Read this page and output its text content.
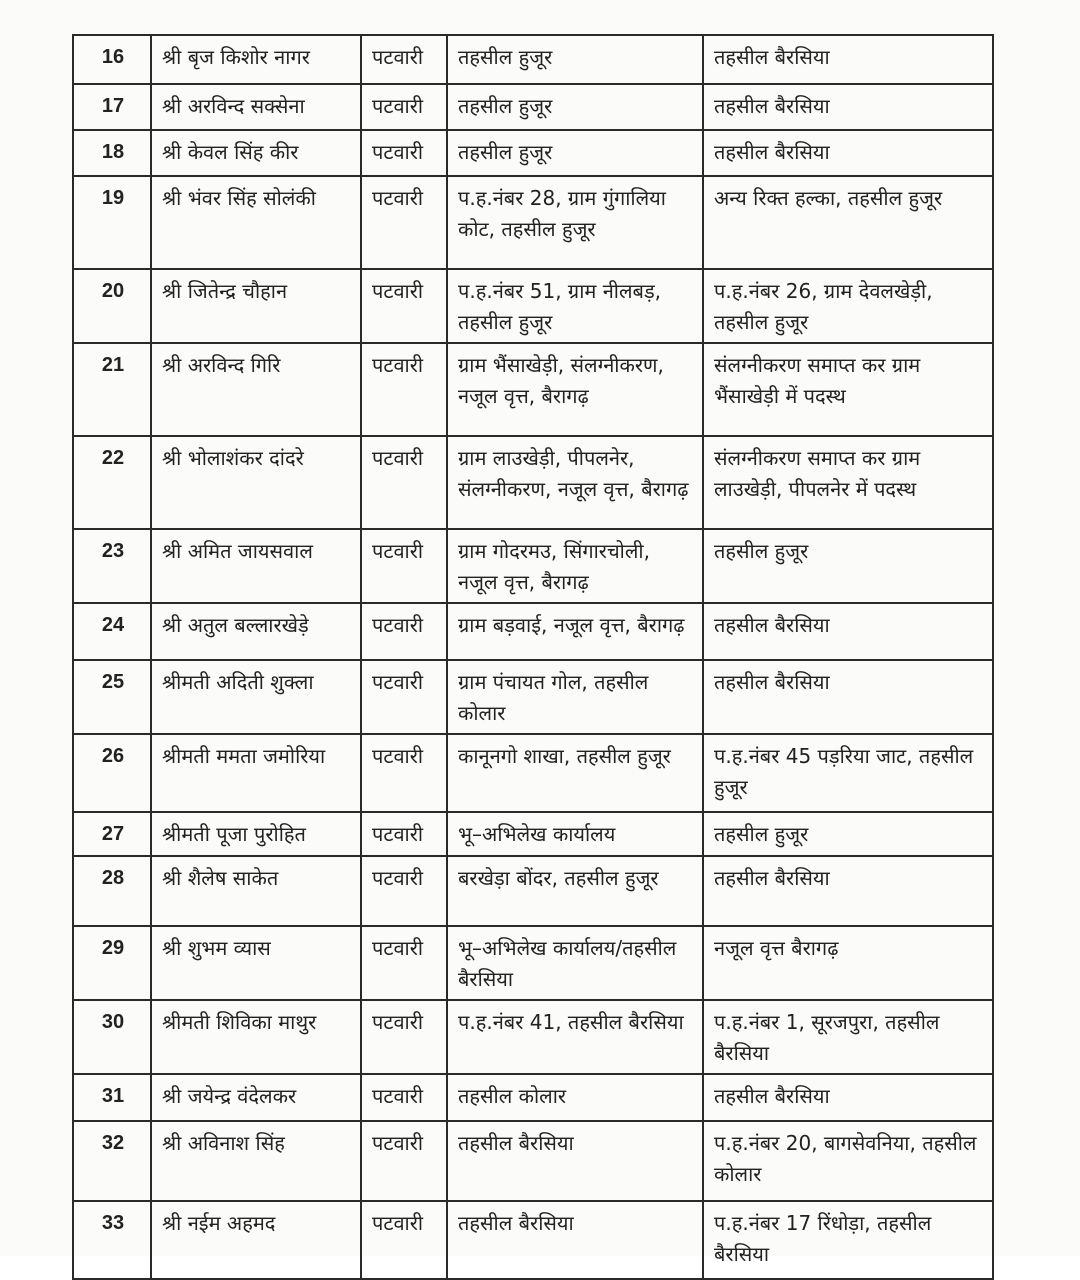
16	श्री बृज किशोर नागर	पटवारी	तहसील हुजूर	तहसील बैरसिया
17	श्री अरविन्द सक्सेना	पटवारी	तहसील हुजूर	तहसील बैरसिया
18	श्री केवल सिंह कीर	पटवारी	तहसील हुजूर	तहसील बैरसिया
19	श्री भंवर सिंह सोलंकी	पटवारी	प.ह.नंबर 28, ग्राम गुंगालिया कोट, तहसील हुजूर	अन्य रिक्त हल्का, तहसील हुजूर
20	श्री जितेन्द्र चौहान	पटवारी	प.ह.नंबर 51, ग्राम नीलबड़, तहसील हुजूर	प.ह.नंबर 26, ग्राम देवलखेड़ी, तहसील हुजूर
21	श्री अरविन्द गिरि	पटवारी	ग्राम भैंसाखेड़ी, संलग्नीकरण, नजूल वृत्त, बैरागढ़	संलग्नीकरण समाप्त कर ग्राम भैंसाखेड़ी में पदस्थ
22	श्री भोलाशंकर दांदरे	पटवारी	ग्राम लाउखेड़ी, पीपलनेर, संलग्नीकरण, नजूल वृत्त, बैरागढ़	संलग्नीकरण समाप्त कर ग्राम लाउखेड़ी, पीपलनेर में पदस्थ
23	श्री अमित जायसवाल	पटवारी	ग्राम गोदरमउ, सिंगारचोली, नजूल वृत्त, बैरागढ़	तहसील हुजूर
24	श्री अतुल बल्लारखेड़े	पटवारी	ग्राम बड़वाई, नजूल वृत्त, बैरागढ़	तहसील बैरसिया
25	श्रीमती अदिती शुक्ला	पटवारी	ग्राम पंचायत गोल, तहसील कोलार	तहसील बैरसिया
26	श्रीमती ममता जमोरिया	पटवारी	कानूनगो शाखा, तहसील हुजूर	प.ह.नंबर 45 पड़रिया जाट, तहसील हुजूर
27	श्रीमती पूजा पुरोहित	पटवारी	भू–अभिलेख कार्यालय	तहसील हुजूर
28	श्री शैलेष साकेत	पटवारी	बरखेड़ा बोंदर, तहसील हुजूर	तहसील बैरसिया
29	श्री शुभम व्यास	पटवारी	भू–अभिलेख कार्यालय/तहसील बैरसिया	नजूल वृत्त बैरागढ़
30	श्रीमती शिविका माथुर	पटवारी	प.ह.नंबर 41, तहसील बैरसिया	प.ह.नंबर 1, सूरजपुरा, तहसील बैरसिया
31	श्री जयेन्द्र वंदेलकर	पटवारी	तहसील कोलार	तहसील बैरसिया
32	श्री अविनाश सिंह	पटवारी	तहसील बैरसिया	प.ह.नंबर 20, बागसेवनिया, तहसील कोलार
33	श्री नईम अहमद	पटवारी	तहसील बैरसिया	प.ह.नंबर 17 रिंधोड़ा, तहसील बैरसिया
